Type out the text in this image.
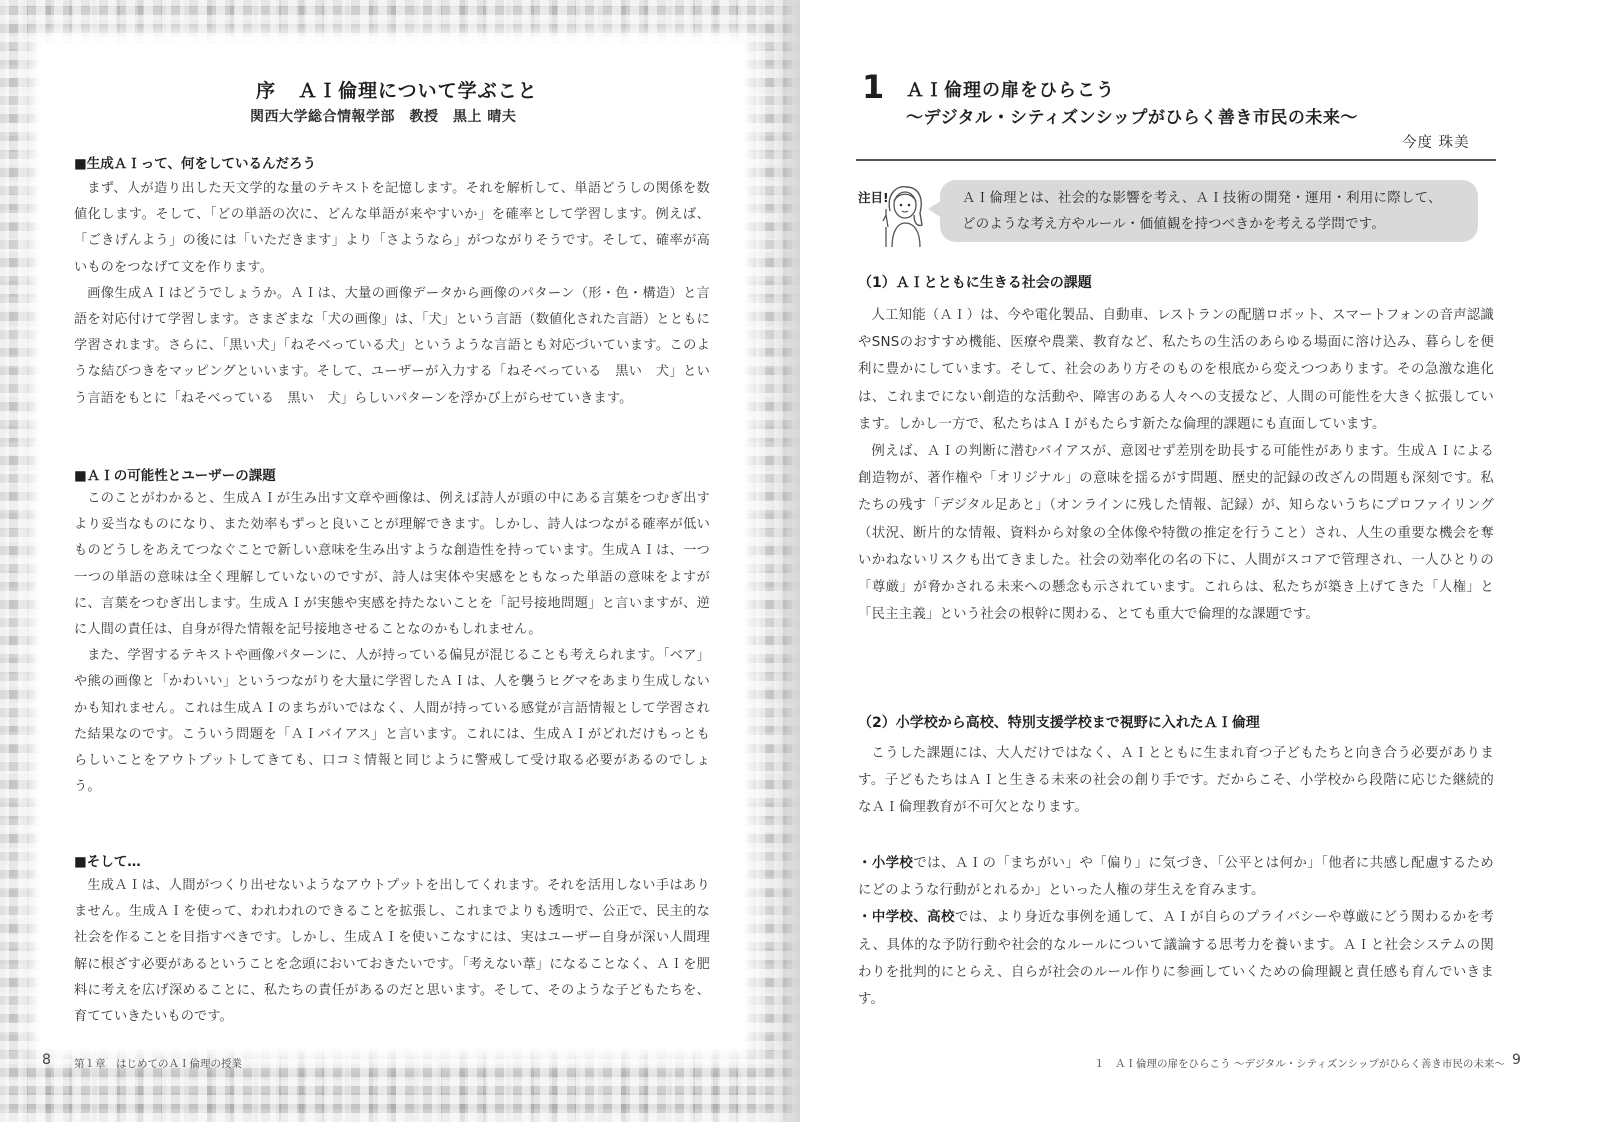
序 ＡＩ倫理について学ぶこと
関西大学総合情報学部　教授　黒上 晴夫
■生成ＡＩって、何をしているんだろう

まず、人が造り出した天文学的な量のテキストを記憶します。それを解析して、単語どうしの関係を数値化します。そして、「どの単語の次に、どんな単語が来やすいか」を確率として学習します。例えば、「ごきげんよう」の後には「いただきます」より「さようなら」がつながりそうです。そして、確率が高いものをつなげて文を作ります。

画像生成ＡＩはどうでしょうか。ＡＩは、大量の画像データから画像のパターン（形・色・構造）と言語を対応付けて学習します。さまざまな「犬の画像」は、「犬」という言語（数値化された言語）とともに学習されます。さらに、「黒い犬」「ねそべっている犬」というような言語とも対応づいています。このような結びつきをマッピングといいます。そして、ユーザーが入力する「ねそべっている　黒い　犬」という言語をもとに「ねそべっている　黒い　犬」らしいパターンを浮かび上がらせていきます。

■ＡＩの可能性とユーザーの課題

このことがわかると、生成ＡＩが生み出す文章や画像は、例えば詩人が頭の中にある言葉をつむぎ出すより妥当なものになり、また効率もずっと良いことが理解できます。しかし、詩人はつながる確率が低いものどうしをあえてつなぐことで新しい意味を生み出すような創造性を持っています。生成ＡＩは、一つ一つの単語の意味は全く理解していないのですが、詩人は実体や実感をともなった単語の意味をよすがに、言葉をつむぎ出します。生成ＡＩが実態や実感を持たないことを「記号接地問題」と言いますが、逆に人間の責任は、自身が得た情報を記号接地させることなのかもしれません。

また、学習するテキストや画像パターンに、人が持っている偏見が混じることも考えられます。「ベア」や熊の画像と「かわいい」というつながりを大量に学習したＡＩは、人を襲うヒグマをあまり生成しないかも知れません。これは生成ＡＩのまちがいではなく、人間が持っている感覚が言語情報として学習された結果なのです。こういう問題を「ＡＩバイアス」と言います。これには、生成ＡＩがどれだけもっともらしいことをアウトプットしてきても、口コミ情報と同じように警戒して受け取る必要があるのでしょう。

■そして…

生成ＡＩは、人間がつくり出せないようなアウトプットを出してくれます。それを活用しない手はありません。生成ＡＩを使って、われわれのできることを拡張し、これまでよりも透明で、公正で、民主的な社会を作ることを目指すべきです。しかし、生成ＡＩを使いこなすには、実はユーザー自身が深い人間理解に根ざす必要があるということを念頭においておきたいです。「考えない葦」になることなく、ＡＩを肥料に考えを広げ深めることに、私たちの責任があるのだと思います。そして、そのような子どもたちを、育てていきたいものです。

8 第１章　はじめてのＡＩ倫理の授業
1 ＡＩ倫理の扉をひらこう
～デジタル・シティズンシップがひらく善き市民の未来～
今度 珠美
注目!	ＡＩ倫理とは、社会的な影響を考え、ＡＩ技術の開発・運用・利用に際して、
どのような考え方やルール・価値観を持つべきかを考える学問です。
（1）ＡＩとともに生きる社会の課題

人工知能（ＡＩ）は、今や電化製品、自動車、レストランの配膳ロボット、スマートフォンの音声認識やSNSのおすすめ機能、医療や農業、教育など、私たちの生活のあらゆる場面に溶け込み、暮らしを便利に豊かにしています。そして、社会のあり方そのものを根底から変えつつあります。その急激な進化は、これまでにない創造的な活動や、障害のある人々への支援など、人間の可能性を大きく拡張しています。しかし一方で、私たちはＡＩがもたらす新たな倫理的課題にも直面しています。

例えば、ＡＩの判断に潜むバイアスが、意図せず差別を助長する可能性があります。生成ＡＩによる創造物が、著作権や「オリジナル」の意味を揺るがす問題、歴史的記録の改ざんの問題も深刻です。私たちの残す「デジタル足あと」（オンラインに残した情報、記録）が、知らないうちにプロファイリング（状況、断片的な情報、資料から対象の全体像や特徴の推定を行うこと）され、人生の重要な機会を奪いかねないリスクも出てきました。社会の効率化の名の下に、人間がスコアで管理され、一人ひとりの「尊厳」が脅かされる未来への懸念も示されています。これらは、私たちが築き上げてきた「人権」と「民主主義」という社会の根幹に関わる、とても重大で倫理的な課題です。

（2）小学校から高校、特別支援学校まで視野に入れたＡＩ倫理

こうした課題には、大人だけではなく、ＡＩとともに生まれ育つ子どもたちと向き合う必要があります。子どもたちはＡＩと生きる未来の社会の創り手です。だからこそ、小学校から段階に応じた継続的なＡＩ倫理教育が不可欠となります。

・小学校では、ＡＩの「まちがい」や「偏り」に気づき、「公平とは何か」「他者に共感し配慮するためにどのような行動がとれるか」といった人権の芽生えを育みます。

・中学校、高校では、より身近な事例を通して、ＡＩが自らのプライバシーや尊厳にどう関わるかを考え、具体的な予防行動や社会的なルールについて議論する思考力を養います。ＡＩと社会システムの関わりを批判的にとらえ、自らが社会のルール作りに参画していくための倫理観と責任感も育んでいきます。

１　ＡＩ倫理の扉をひらこう ～デジタル・シティズンシップがひらく善き市民の未来～ 9
